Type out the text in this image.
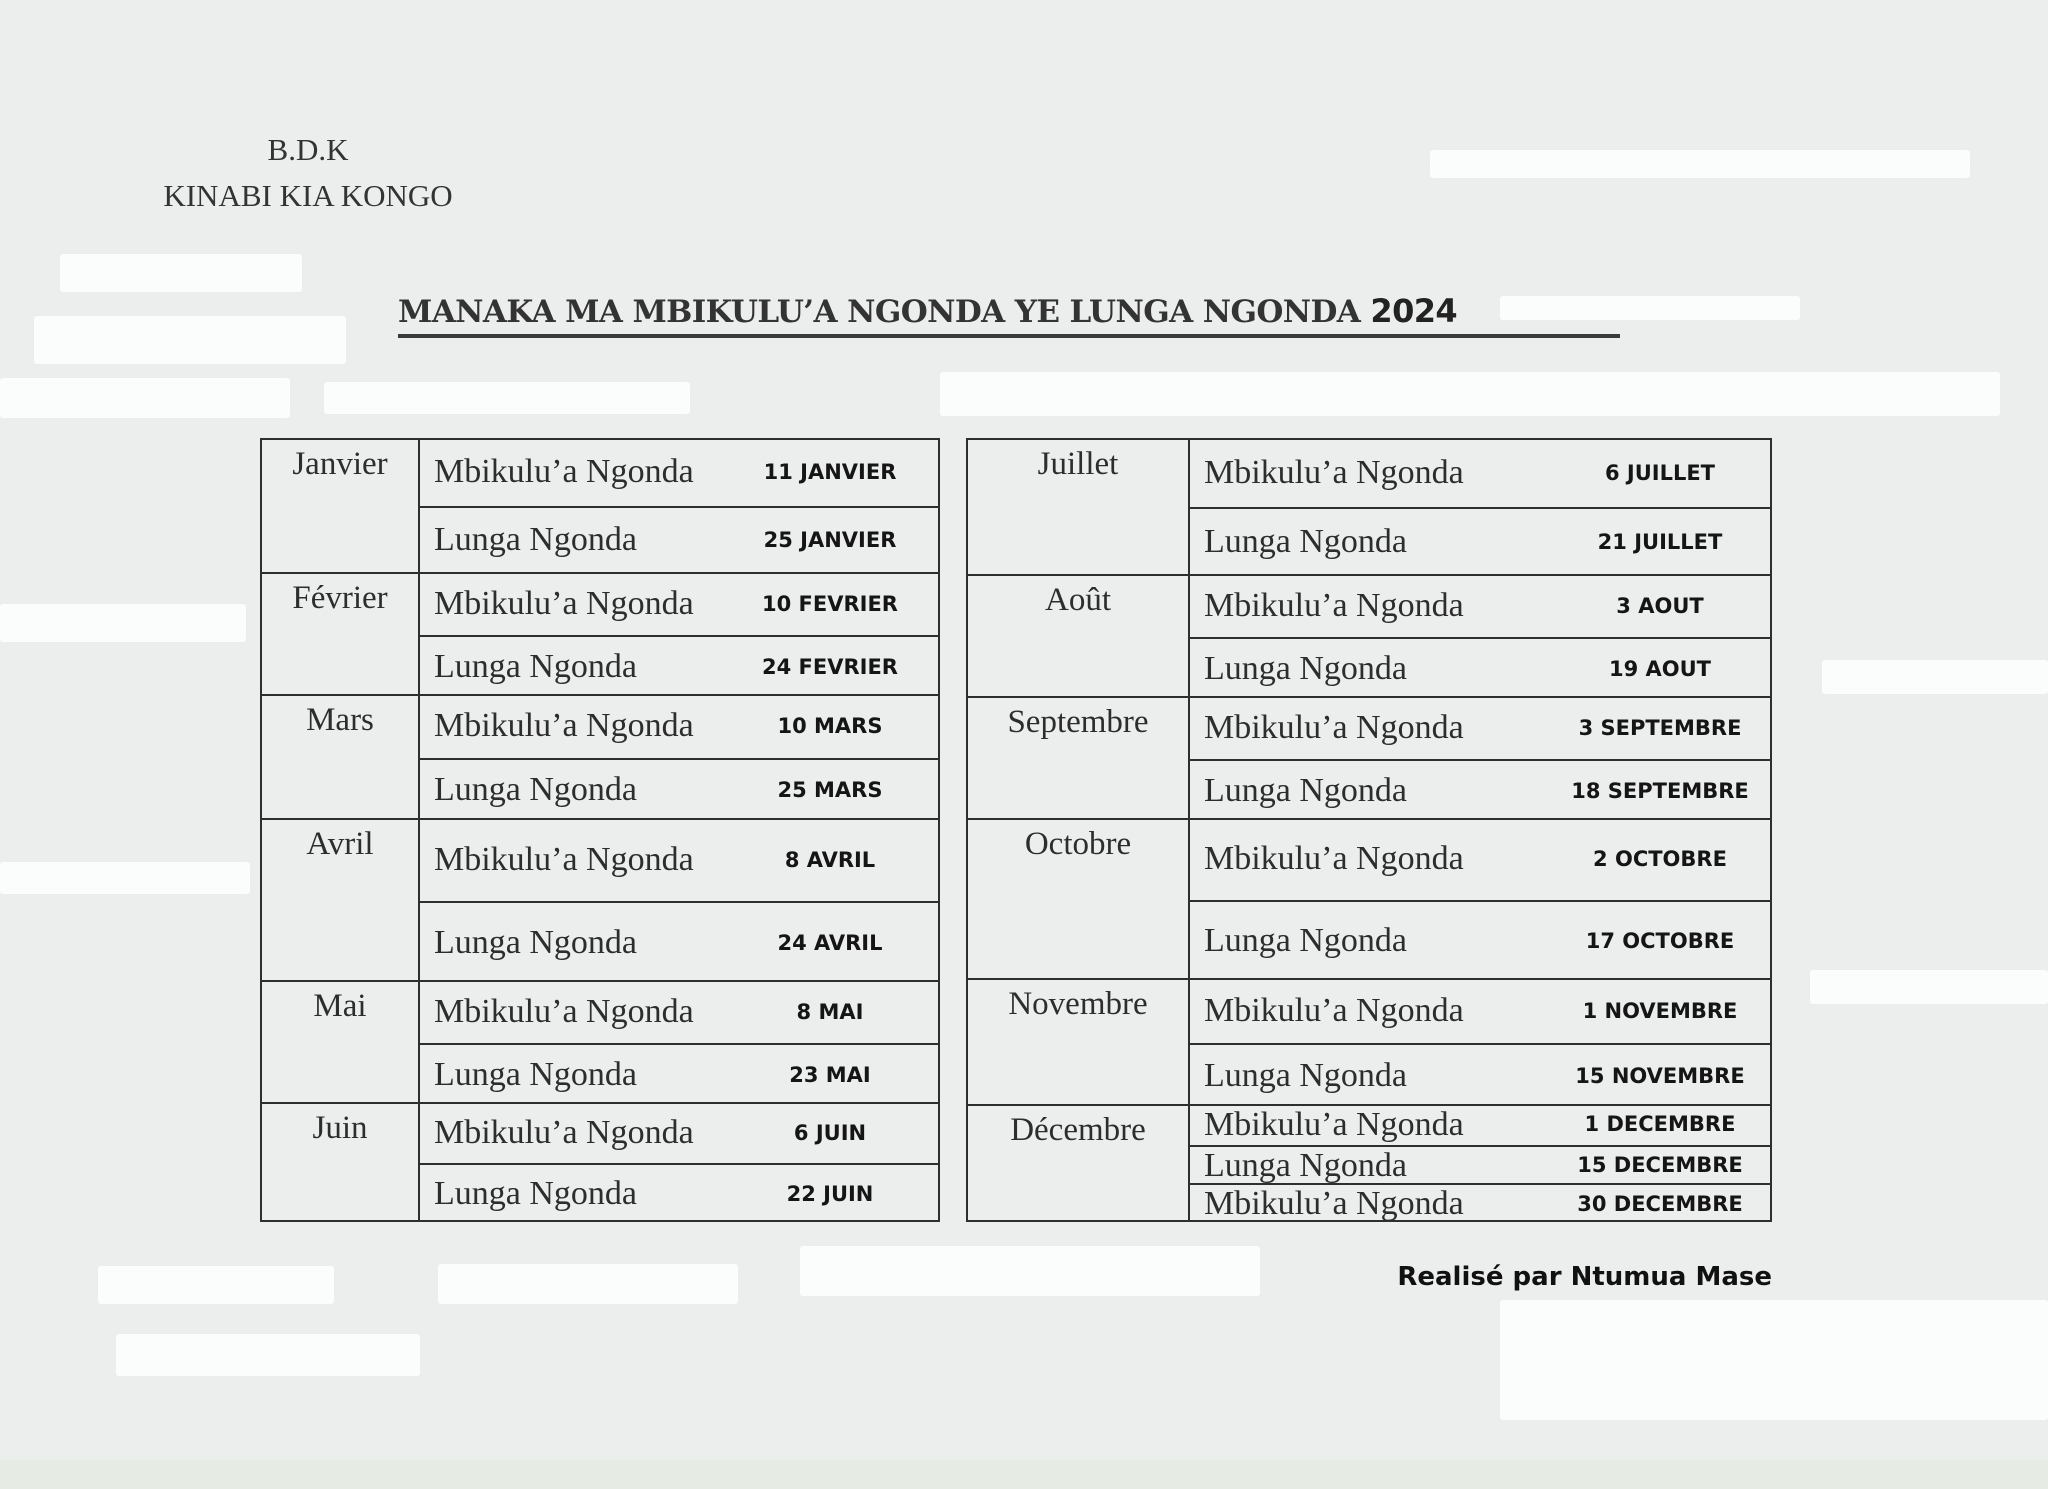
B.D.K
KINABI KIA KONGO
MANAKA MA MBIKULU’A NGONDA YE LUNGA NGONDA 2024
Janvier	Mbikulu’a Ngonda	11 JANVIER
Lunga Ngonda	25 JANVIER
Février	Mbikulu’a Ngonda	10 FEVRIER
Lunga Ngonda	24 FEVRIER
Mars	Mbikulu’a Ngonda	10 MARS
Lunga Ngonda	25 MARS
Avril	Mbikulu’a Ngonda	8 AVRIL
Lunga Ngonda	24 AVRIL
Mai	Mbikulu’a Ngonda	8 MAI
Lunga Ngonda	23 MAI
Juin	Mbikulu’a Ngonda	6 JUIN
Lunga Ngonda	22 JUIN
Juillet	Mbikulu’a Ngonda	6 JUILLET
Lunga Ngonda	21 JUILLET
Août	Mbikulu’a Ngonda	3 AOUT
Lunga Ngonda	19 AOUT
Septembre	Mbikulu’a Ngonda	3 SEPTEMBRE
Lunga Ngonda	18 SEPTEMBRE
Octobre	Mbikulu’a Ngonda	2 OCTOBRE
Lunga Ngonda	17 OCTOBRE
Novembre	Mbikulu’a Ngonda	1 NOVEMBRE
Lunga Ngonda	15 NOVEMBRE
Décembre	Mbikulu’a Ngonda	1 DECEMBRE
Lunga Ngonda	15 DECEMBRE
Mbikulu’a Ngonda	30 DECEMBRE
Realisé par Ntumua Mase
